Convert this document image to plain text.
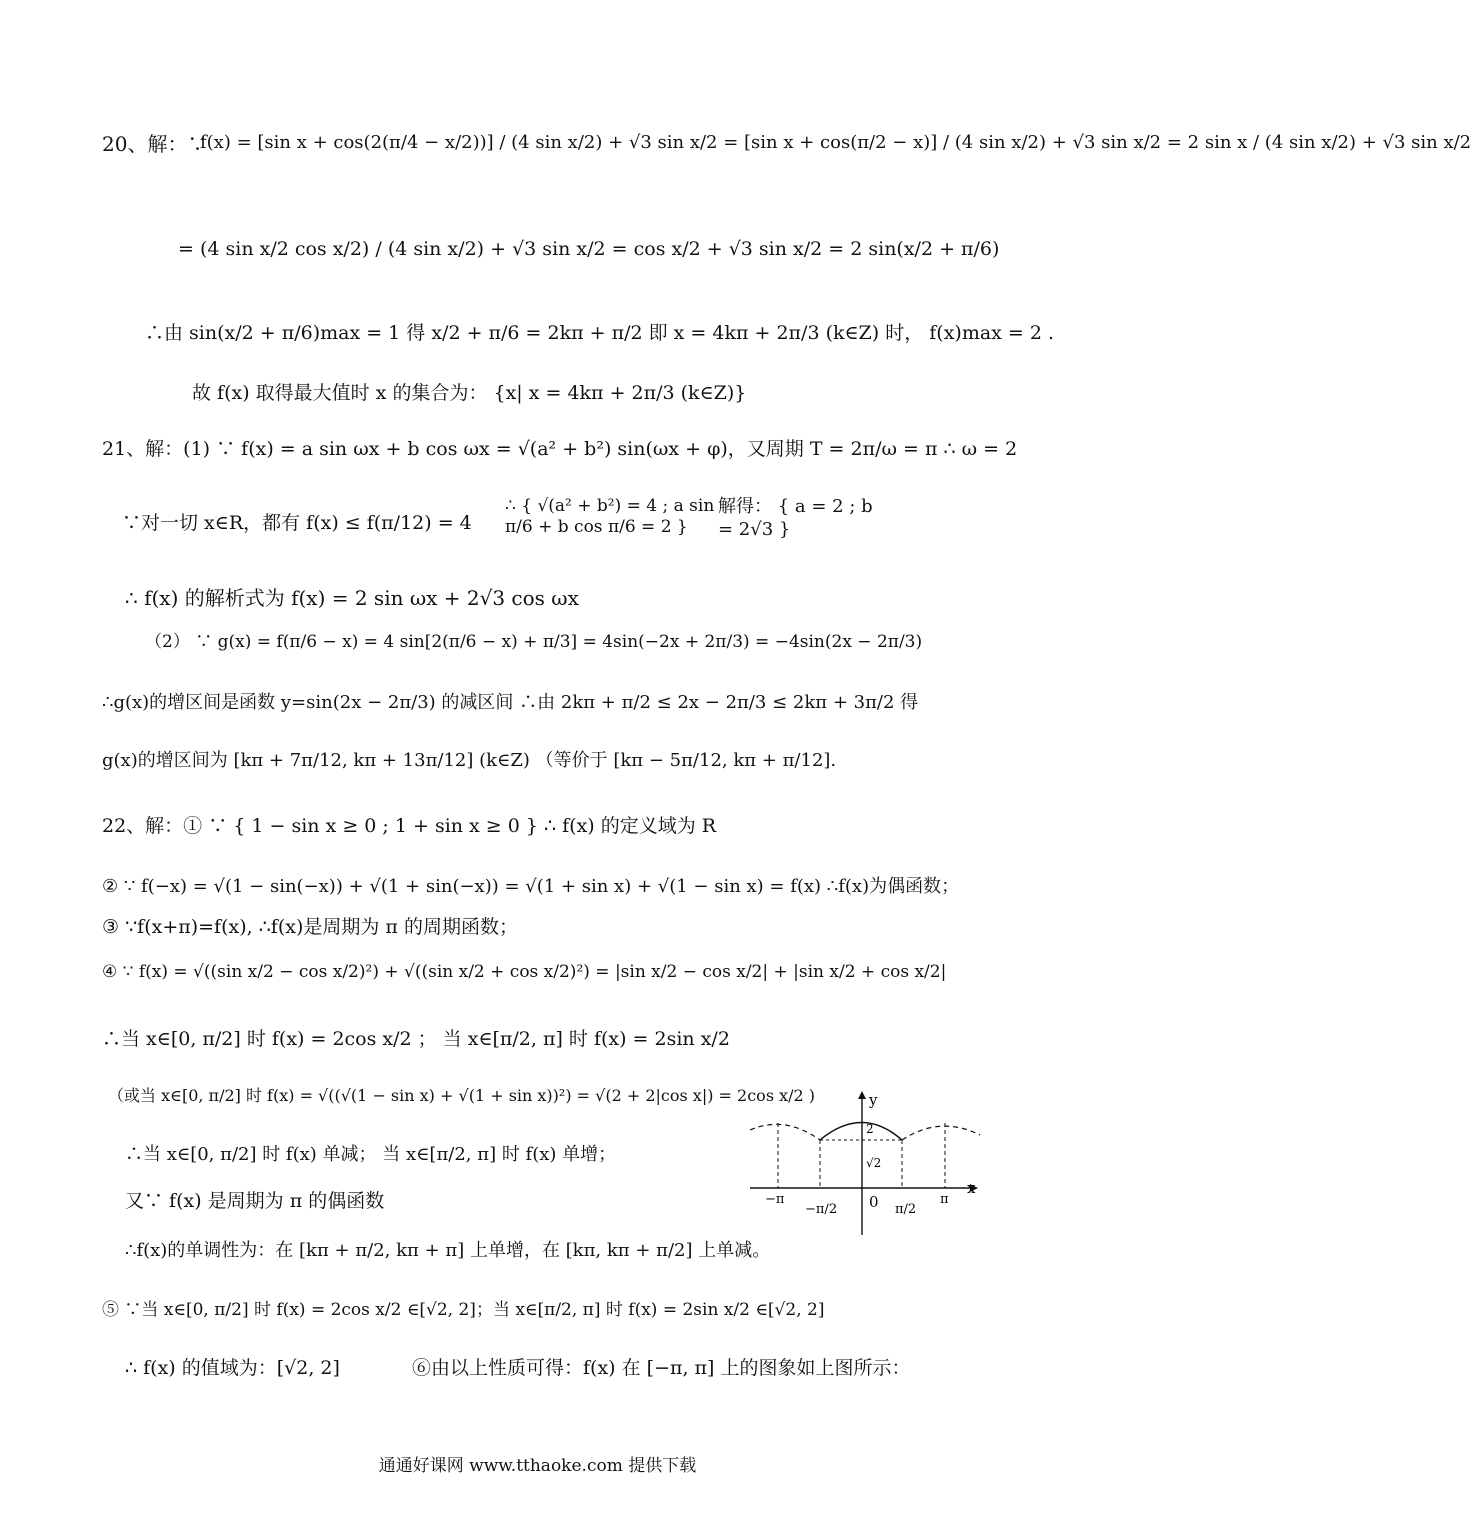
20、解：∵
f(x) = [sin x + cos(2(π/4 − x/2))] / (4 sin x/2) + √3 sin x/2 = [sin x + cos(π/2 − x)] / (4 sin x/2) + √3 sin x/2 = 2 sin x / (4 sin x/2) + √3 sin x/2
= (4 sin x/2 cos x/2) / (4 sin x/2) + √3 sin x/2 = cos x/2 + √3 sin x/2 = 2 sin(x/2 + π/6)
∴由 sin(x/2 + π/6)max = 1 得 x/2 + π/6 = 2kπ + π/2 即 x = 4kπ + 2π/3 (k∈Z) 时， f(x)max = 2 .
故 f(x) 取得最大值时 x 的集合为： {x| x = 4kπ + 2π/3 (k∈Z)}
21、解：(1) ∵ f(x) = a sin ωx + b cos ωx = √(a² + b²) sin(ωx + φ)，又周期 T = 2π/ω = π ∴ ω = 2
∵对一切 x∈R，都有 f(x) ≤ f(π/12) = 4
∴ { √(a² + b²) = 4 ; a sin π/6 + b cos π/6 = 2 }
解得： { a = 2 ; b = 2√3 }
∴ f(x) 的解析式为 f(x) = 2 sin ωx + 2√3 cos ωx
（2） ∵ g(x) = f(π/6 − x) = 4 sin[2(π/6 − x) + π/3] = 4sin(−2x + 2π/3) = −4sin(2x − 2π/3)
∴g(x)的增区间是函数 y=sin(2x − 2π/3) 的减区间 ∴由 2kπ + π/2 ≤ 2x − 2π/3 ≤ 2kπ + 3π/2 得
g(x)的增区间为 [kπ + 7π/12, kπ + 13π/12] (k∈Z) （等价于 [kπ − 5π/12, kπ + π/12].
22、解：① ∵ { 1 − sin x ≥ 0 ; 1 + sin x ≥ 0 } ∴ f(x) 的定义域为 R
② ∵ f(−x) = √(1 − sin(−x)) + √(1 + sin(−x)) = √(1 + sin x) + √(1 − sin x) = f(x) ∴f(x)为偶函数；
③ ∵f(x+π)=f(x), ∴f(x)是周期为 π 的周期函数；
④ ∵ f(x) = √((sin x/2 − cos x/2)²) + √((sin x/2 + cos x/2)²) = |sin x/2 − cos x/2| + |sin x/2 + cos x/2|
∴当 x∈[0, π/2] 时 f(x) = 2cos x/2 ； 当 x∈[π/2, π] 时 f(x) = 2sin x/2
（或当 x∈[0, π/2] 时 f(x) = √((√(1 − sin x) + √(1 + sin x))²) = √(2 + 2|cos x|) = 2cos x/2 )
∴当 x∈[0, π/2] 时 f(x) 单减； 当 x∈[π/2, π] 时 f(x) 单增；
又∵ f(x) 是周期为 π 的偶函数
∴f(x)的单调性为：在 [kπ + π/2, kπ + π] 上单增，在 [kπ, kπ + π/2] 上单减。
⑤ ∵当 x∈[0, π/2] 时 f(x) = 2cos x/2 ∈[√2, 2]；当 x∈[π/2, π] 时 f(x) = 2sin x/2 ∈[√2, 2]
∴ f(x) 的值域为：[√2, 2]	⑥由以上性质可得：f(x) 在 [−π, π] 上的图象如上图所示：
y
x
0
−π
−π/2	π/2
π
2
√2
通通好课网 www.tthaoke.com 提供下载
